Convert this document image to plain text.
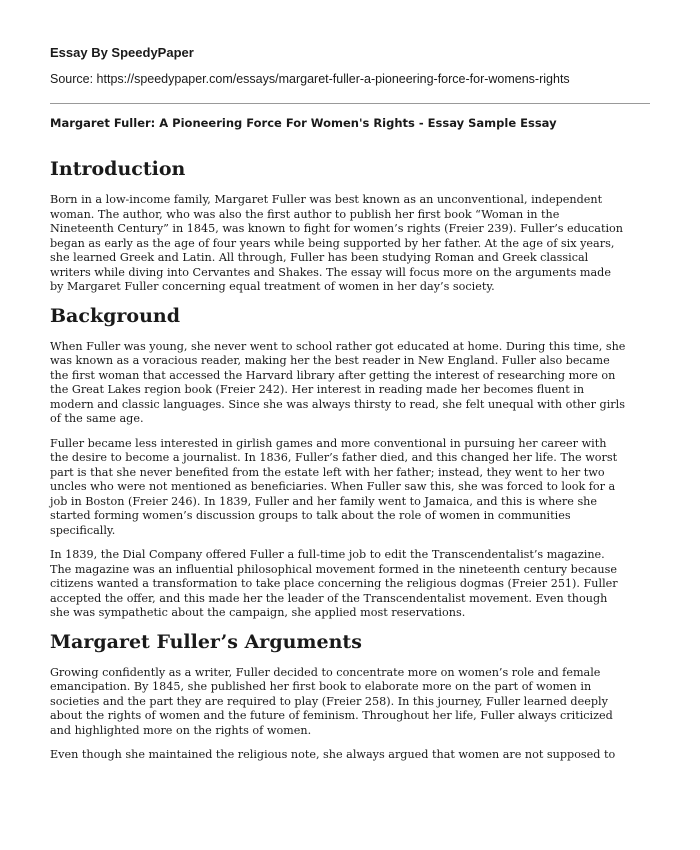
Essay By SpeedyPaper
Source: https://speedypaper.com/essays/margaret-fuller-a-pioneering-force-for-womens-rights
Margaret Fuller: A Pioneering Force For Women's Rights - Essay Sample Essay
Introduction

Born in a low-income family, Margaret Fuller was best known as an unconventional, independent
woman. The author, who was also the first author to publish her first book “Woman in the
Nineteenth Century” in 1845, was known to fight for women’s rights (Freier 239). Fuller’s education
began as early as the age of four years while being supported by her father. At the age of six years,
she learned Greek and Latin. All through, Fuller has been studying Roman and Greek classical
writers while diving into Cervantes and Shakes. The essay will focus more on the arguments made
by Margaret Fuller concerning equal treatment of women in her day’s society.

Background

When Fuller was young, she never went to school rather got educated at home. During this time, she
was known as a voracious reader, making her the best reader in New England. Fuller also became
the first woman that accessed the Harvard library after getting the interest of researching more on
the Great Lakes region book (Freier 242). Her interest in reading made her becomes fluent in
modern and classic languages. Since she was always thirsty to read, she felt unequal with other girls
of the same age.

Fuller became less interested in girlish games and more conventional in pursuing her career with
the desire to become a journalist. In 1836, Fuller’s father died, and this changed her life. The worst
part is that she never benefited from the estate left with her father; instead, they went to her two
uncles who were not mentioned as beneficiaries. When Fuller saw this, she was forced to look for a
job in Boston (Freier 246). In 1839, Fuller and her family went to Jamaica, and this is where she
started forming women’s discussion groups to talk about the role of women in communities
specifically.

In 1839, the Dial Company offered Fuller a full-time job to edit the Transcendentalist’s magazine.
The magazine was an influential philosophical movement formed in the nineteenth century because
citizens wanted a transformation to take place concerning the religious dogmas (Freier 251). Fuller
accepted the offer, and this made her the leader of the Transcendentalist movement. Even though
she was sympathetic about the campaign, she applied most reservations.

Margaret Fuller’s Arguments

Growing confidently as a writer, Fuller decided to concentrate more on women’s role and female
emancipation. By 1845, she published her first book to elaborate more on the part of women in
societies and the part they are required to play (Freier 258). In this journey, Fuller learned deeply
about the rights of women and the future of feminism. Throughout her life, Fuller always criticized
and highlighted more on the rights of women.

Even though she maintained the religious note, she always argued that women are not supposed to
